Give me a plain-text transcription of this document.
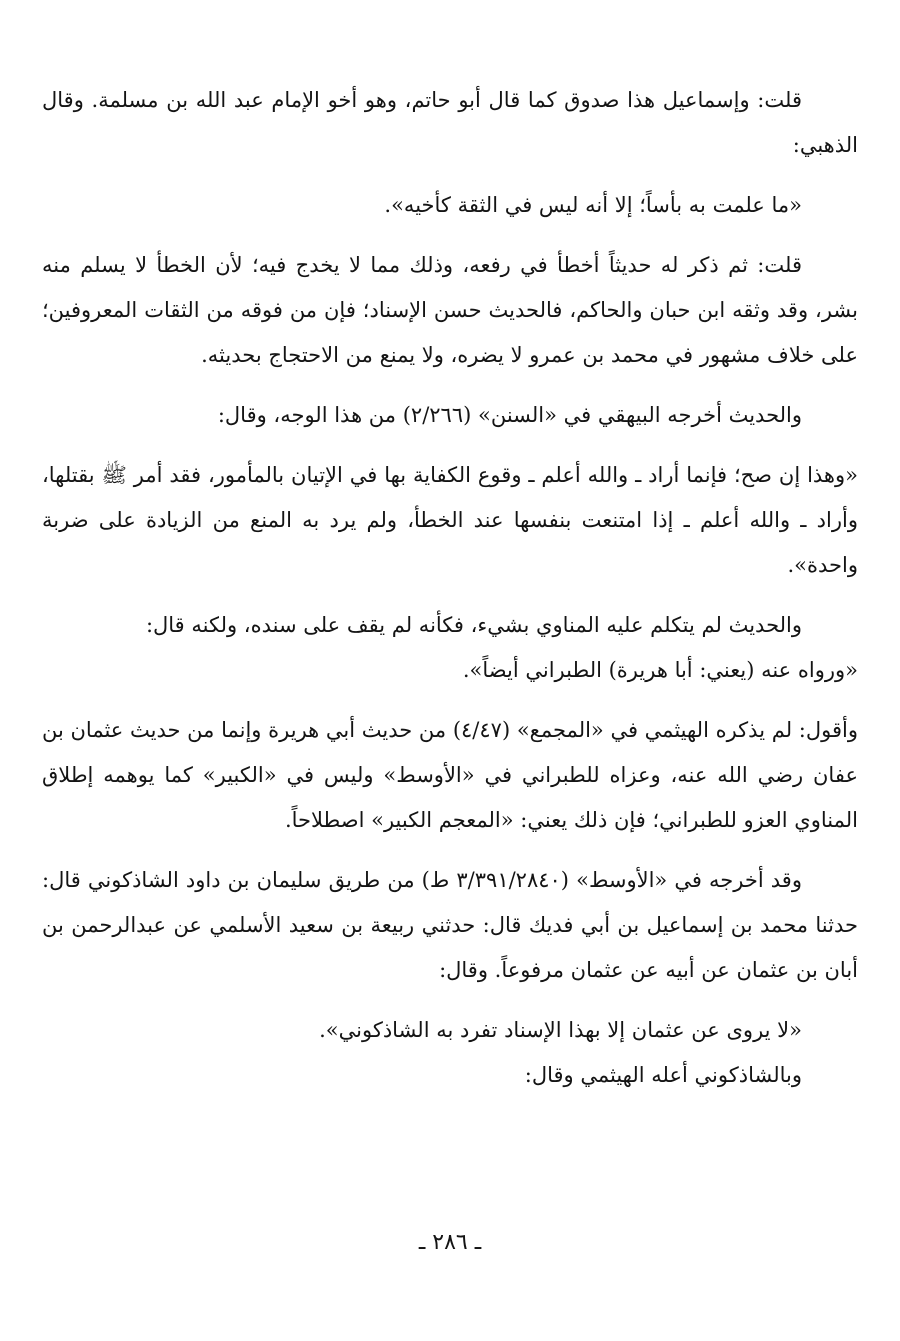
قلت: وإسماعيل هذا صدوق كما قال أبو حاتم، وهو أخو الإمام عبد الله بن مسلمة. وقال الذهبي:

«ما علمت به بأساً؛ إلا أنه ليس في الثقة كأخيه».

قلت: ثم ذكر له حديثاً أخطأ في رفعه، وذلك مما لا يخدج فيه؛ لأن الخطأ لا يسلم منه بشر، وقد وثقه ابن حبان والحاكم، فالحديث حسن الإسناد؛ فإن من فوقه من الثقات المعروفين؛ على خلاف مشهور في محمد بن عمرو لا يضره، ولا يمنع من الاحتجاج بحديثه.

والحديث أخرجه البيهقي في «السنن» (٢/٢٦٦) من هذا الوجه، وقال:

«وهذا إن صح؛ فإنما أراد ـ والله أعلم ـ وقوع الكفاية بها في الإتيان بالمأمور، فقد أمر ﷺ بقتلها، وأراد ـ والله أعلم ـ إذا امتنعت بنفسها عند الخطأ، ولم يرد به المنع من الزيادة على ضربة واحدة».

والحديث لم يتكلم عليه المناوي بشيء، فكأنه لم يقف على سنده، ولكنه قال:

«ورواه عنه (يعني: أبا هريرة) الطبراني أيضاً».

وأقول: لم يذكره الهيثمي في «المجمع» (٤/٤٧) من حديث أبي هريرة وإنما من حديث عثمان بن عفان رضي الله عنه، وعزاه للطبراني في «الأوسط» وليس في «الكبير» كما يوهمه إطلاق المناوي العزو للطبراني؛ فإن ذلك يعني: «المعجم الكبير» اصطلاحاً.

وقد أخرجه في «الأوسط» (٣/٣٩١/٢٨٤٠ ط) من طريق سليمان بن داود الشاذكوني قال: حدثنا محمد بن إسماعيل بن أبي فديك قال: حدثني ربيعة بن سعيد الأسلمي عن عبدالرحمن بن أبان بن عثمان عن أبيه عن عثمان مرفوعاً. وقال:

«لا يروى عن عثمان إلا بهذا الإسناد تفرد به الشاذكوني».

وبالشاذكوني أعله الهيثمي وقال:

ـ ٢٨٦ ـ
